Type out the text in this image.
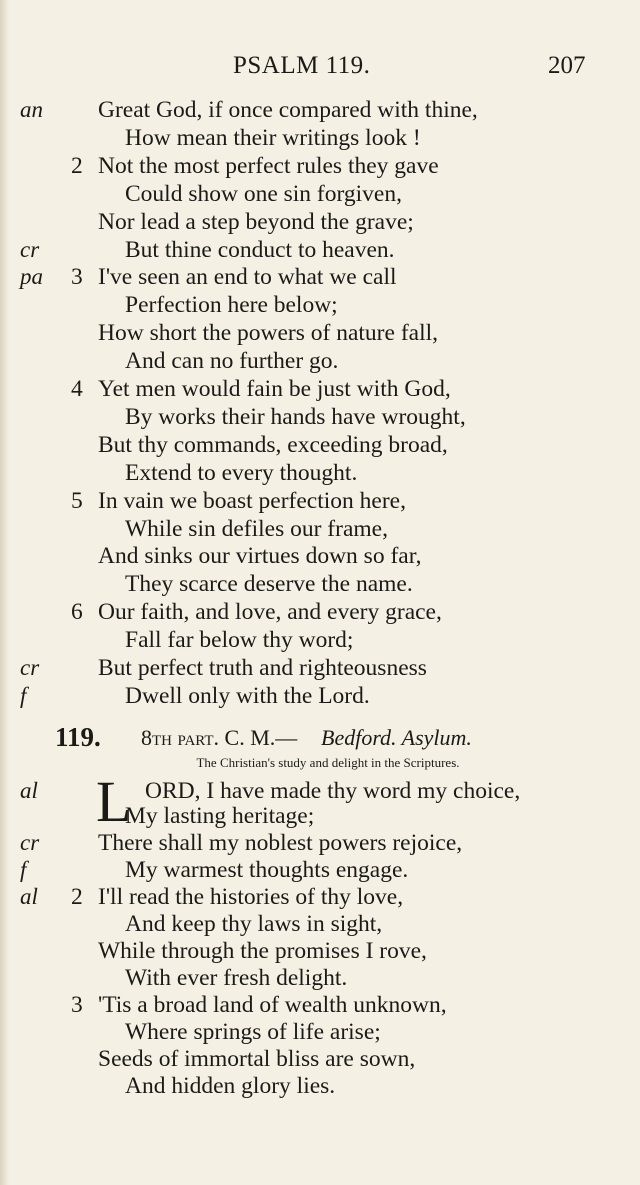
PSALM 119.	207
an Great God, if once compared with thine,
How mean their writings look !
2 Not the most perfect rules they gave
Could show one sin forgiven,
Nor lead a step beyond the grave;
cr	But thine conduct to heaven.
pa 3 I've seen an end to what we call
Perfection here below;
How short the powers of nature fall,
And can no further go.
4 Yet men would fain be just with God,
By works their hands have wrought,
But thy commands, exceeding broad,
Extend to every thought.
5 In vain we boast perfection here,
While sin defiles our frame,
And sinks our virtues down so far,
They scarce deserve the name.
6 Our faith, and love, and every grace,
Fall far below thy word;
cr	But perfect truth and righteousness
f	Dwell only with the Lord.
119. 8th part. C. M.— Bedford. Asylum.
The Christian's study and delight in the Scriptures.
al L ORD, I have made thy word my choice,
My lasting heritage;
cr	There shall my noblest powers rejoice,
f	My warmest thoughts engage.
al 2 I'll read the histories of thy love,
And keep thy laws in sight,
While through the promises I rove,
With ever fresh delight.
3 'Tis a broad land of wealth unknown,
Where springs of life arise;
Seeds of immortal bliss are sown,
And hidden glory lies.
